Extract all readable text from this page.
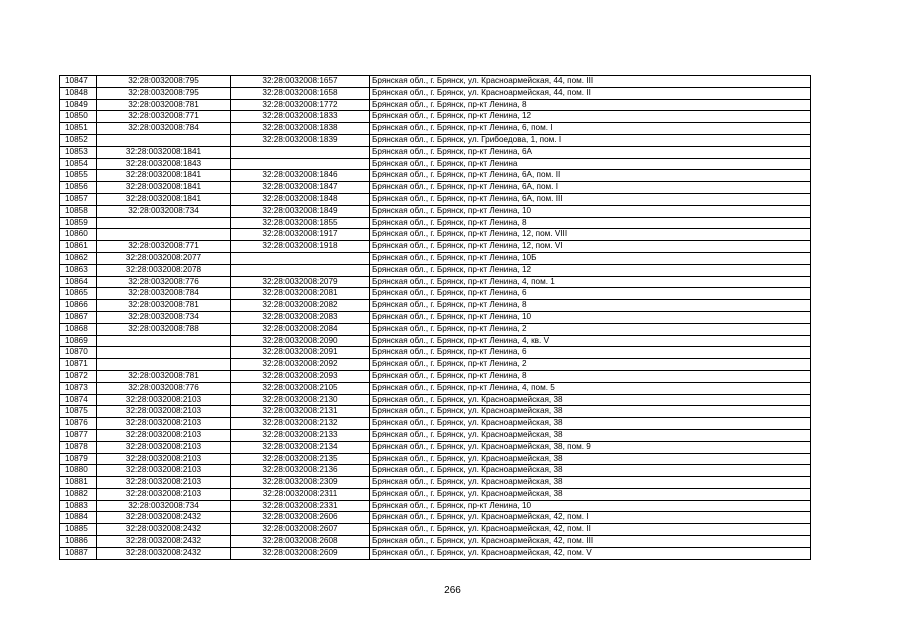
10847	32:28:0032008:795	32:28:0032008:1657	Брянская обл., г. Брянск, ул. Красноармейская, 44, пом. III
10848	32:28:0032008:795	32:28:0032008:1658	Брянская обл., г. Брянск, ул. Красноармейская, 44, пом. II
10849	32:28:0032008:781	32:28:0032008:1772	Брянская обл., г. Брянск, пр-кт Ленина, 8
10850	32:28:0032008:771	32:28:0032008:1833	Брянская обл., г. Брянск, пр-кт Ленина, 12
10851	32:28:0032008:784	32:28:0032008:1838	Брянская обл., г. Брянск, пр-кт Ленина, 6, пом. I
10852		32:28:0032008:1839	Брянская обл., г. Брянск, ул. Грибоедова, 1, пом. I
10853	32:28:0032008:1841		Брянская обл., г. Брянск, пр-кт Ленина, 6А
10854	32:28:0032008:1843		Брянская обл., г. Брянск, пр-кт Ленина
10855	32:28:0032008:1841	32:28:0032008:1846	Брянская обл., г. Брянск, пр-кт Ленина, 6А, пом. II
10856	32:28:0032008:1841	32:28:0032008:1847	Брянская обл., г. Брянск, пр-кт Ленина, 6А, пом. I
10857	32:28:0032008:1841	32:28:0032008:1848	Брянская обл., г. Брянск, пр-кт Ленина, 6А, пом. III
10858	32:28:0032008:734	32:28:0032008:1849	Брянская обл., г. Брянск, пр-кт Ленина, 10
10859		32:28:0032008:1855	Брянская обл., г. Брянск, пр-кт Ленина, 8
10860		32:28:0032008:1917	Брянская обл., г. Брянск, пр-кт Ленина, 12, пом. VIII
10861	32:28:0032008:771	32:28:0032008:1918	Брянская обл., г. Брянск, пр-кт Ленина, 12, пом. VI
10862	32:28:0032008:2077		Брянская обл., г. Брянск, пр-кт Ленина, 10Б
10863	32:28:0032008:2078		Брянская обл., г. Брянск, пр-кт Ленина, 12
10864	32:28:0032008:776	32:28:0032008:2079	Брянская обл., г. Брянск, пр-кт Ленина, 4, пом. 1
10865	32:28:0032008:784	32:28:0032008:2081	Брянская обл., г. Брянск, пр-кт Ленина, 6
10866	32:28:0032008:781	32:28:0032008:2082	Брянская обл., г. Брянск, пр-кт Ленина, 8
10867	32:28:0032008:734	32:28:0032008:2083	Брянская обл., г. Брянск, пр-кт Ленина, 10
10868	32:28:0032008:788	32:28:0032008:2084	Брянская обл., г. Брянск, пр-кт Ленина, 2
10869		32:28:0032008:2090	Брянская обл., г. Брянск, пр-кт Ленина, 4, кв. V
10870		32:28:0032008:2091	Брянская обл., г. Брянск, пр-кт Ленина, 6
10871		32:28:0032008:2092	Брянская обл., г. Брянск, пр-кт Ленина, 2
10872	32:28:0032008:781	32:28:0032008:2093	Брянская обл., г. Брянск, пр-кт Ленина, 8
10873	32:28:0032008:776	32:28:0032008:2105	Брянская обл., г. Брянск, пр-кт Ленина, 4, пом. 5
10874	32:28:0032008:2103	32:28:0032008:2130	Брянская обл., г. Брянск, ул. Красноармейская, 38
10875	32:28:0032008:2103	32:28:0032008:2131	Брянская обл., г. Брянск, ул. Красноармейская, 38
10876	32:28:0032008:2103	32:28:0032008:2132	Брянская обл., г. Брянск, ул. Красноармейская, 38
10877	32:28:0032008:2103	32:28:0032008:2133	Брянская обл., г. Брянск, ул. Красноармейская, 38
10878	32:28:0032008:2103	32:28:0032008:2134	Брянская обл., г. Брянск, ул. Красноармейская, 38, пом. 9
10879	32:28:0032008:2103	32:28:0032008:2135	Брянская обл., г. Брянск, ул. Красноармейская, 38
10880	32:28:0032008:2103	32:28:0032008:2136	Брянская обл., г. Брянск, ул. Красноармейская, 38
10881	32:28:0032008:2103	32:28:0032008:2309	Брянская обл., г. Брянск, ул. Красноармейская, 38
10882	32:28:0032008:2103	32:28:0032008:2311	Брянская обл., г. Брянск, ул. Красноармейская, 38
10883	32:28:0032008:734	32:28:0032008:2331	Брянская обл., г. Брянск, пр-кт Ленина, 10
10884	32:28:0032008:2432	32:28:0032008:2606	Брянская обл., г. Брянск, ул. Красноармейская, 42, пом. I
10885	32:28:0032008:2432	32:28:0032008:2607	Брянская обл., г. Брянск, ул. Красноармейская, 42, пом. II
10886	32:28:0032008:2432	32:28:0032008:2608	Брянская обл., г. Брянск, ул. Красноармейская, 42, пом. III
10887	32:28:0032008:2432	32:28:0032008:2609	Брянская обл., г. Брянск, ул. Красноармейская, 42, пом. V
266
